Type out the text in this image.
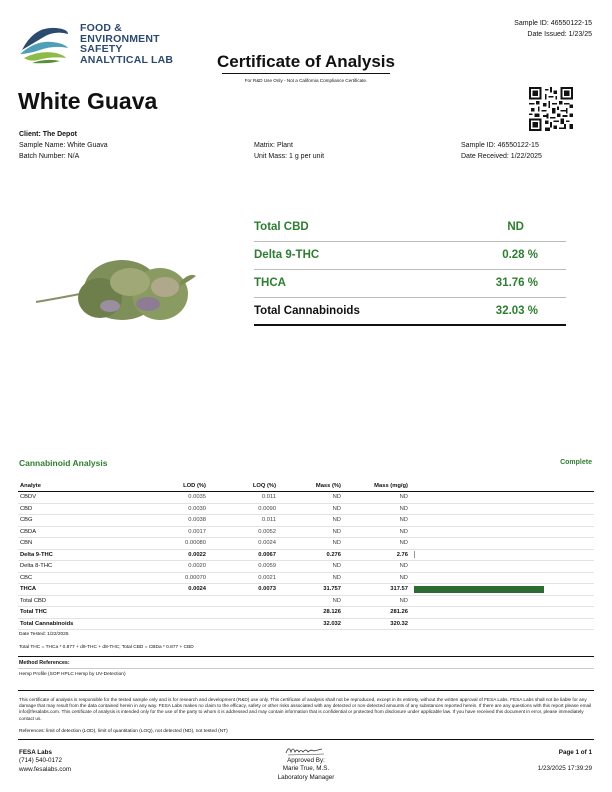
FOOD &
ENVIRONMENT
SAFETY
ANALYTICAL LAB
Sample ID: 46550122-15
Date Issued: 1/23/25
Certificate of Analysis
For R&D Use Only - Not a California Compliance Certificate.
White Guava
Client: The Depot
Sample Name: White Guava
Batch Number: N/A
Matrix: Plant
Unit Mass: 1 g per unit
Sample ID: 46550122-15
Date Received: 1/22/2025
Total CBD	ND
Delta 9-THC	0.28 %
THCA	31.76 %
Total Cannabinoids	32.03 %
Cannabinoid Analysis	Complete
Analyte	LOD (%)	LOQ (%)	Mass (%)	Mass (mg/g)	
CBDV	0.0035	0.011	ND	ND	
CBD	0.0030	0.0090	ND	ND	
CBG	0.0038	0.011	ND	ND	
CBDA	0.0017	0.0052	ND	ND	
CBN	0.00080	0.0024	ND	ND	
Delta 9-THC	0.0022	0.0067	0.276	2.76	
Delta 8-THC	0.0020	0.0059	ND	ND	
CBC	0.00070	0.0021	ND	ND	
THCA	0.0024	0.0073	31.757	317.57	
Total CBD			ND	ND	
Total THC			28.126	281.26	
Total Cannabinoids			32.032	320.32	
Date Tested: 1/22/2025
Total THC = THCa * 0.877 + d9-THC + d8-THC; Total CBD = CBDa * 0.877 + CBD
Method References:
Hemp Profile (SOP HPLC Hemp by UV-Detection)
This certificate of analysis is responsible for the tested sample only and is for research and development (R&D) use only. This certificate of analysis shall not be reproduced, except in its entirety, without the written approval of FESA Labs. FESA Labs shall not be liable for any damage that may result from the data contained herein in any way. FESA Labs makes no claim to the efficacy, safety or other risks associated with any detected or non-detected amounts of any substances reported herein. If there are any questions with this report please email info@fesalabs.com. This certificate of analysis is intended only for the use of the party to whom it is addressed and may contain information that is confidential or protected from disclosure under applicable law. If you have received this document in error, please immediately contact us.
References: limit of detection (LOD), limit of quantitation (LOQ), not detected (ND), not tested (NT)
FESA Labs
(714) 540-0172
www.fesalabs.com
Approved By:
Marie True, M.S.
Laboratory Manager
Page 1 of 1
1/23/2025 17:39:29
